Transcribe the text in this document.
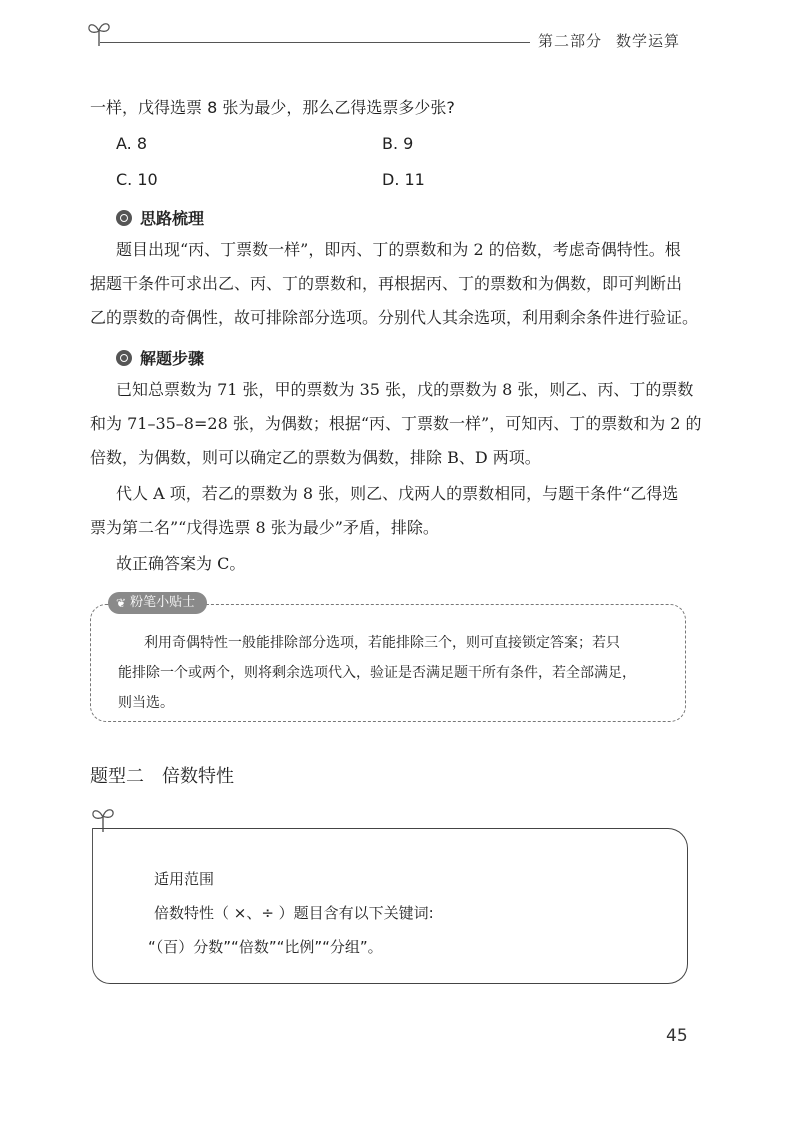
第二部分 数学运算
一样，戊得选票 8 张为最少，那么乙得选票多少张?
A. 8	B. 9
C. 10	D. 11
思路梳理
题目出现“丙、丁票数一样”，即丙、丁的票数和为 2 的倍数，考虑奇偶特性。根
据题干条件可求出乙、丙、丁的票数和，再根据丙、丁的票数和为偶数，即可判断出
乙的票数的奇偶性，故可排除部分选项。分别代人其余选项，利用剩余条件进行验证。
解题步骤
已知总票数为 71 张，甲的票数为 35 张，戊的票数为 8 张，则乙、丙、丁的票数
和为 71–35–8=28 张，为偶数；根据“丙、丁票数一样”，可知丙、丁的票数和为 2 的
倍数，为偶数，则可以确定乙的票数为偶数，排除 B、D 两项。
代人 A 项，若乙的票数为 8 张，则乙、戊两人的票数相同，与题干条件“乙得选
票为第二名”“戊得选票 8 张为最少”矛盾，排除。
故正确答案为 C。
❦ 粉笔小贴士
利用奇偶特性一般能排除部分选项，若能排除三个，则可直接锁定答案；若只
能排除一个或两个，则将剩余选项代入，验证是否满足题干所有条件，若全部满足，
则当选。
题型二　倍数特性
适用范围
倍数特性（ ×、÷ ）题目含有以下关键词:
“（百）分数”“倍数”“比例”“分组”。
45
